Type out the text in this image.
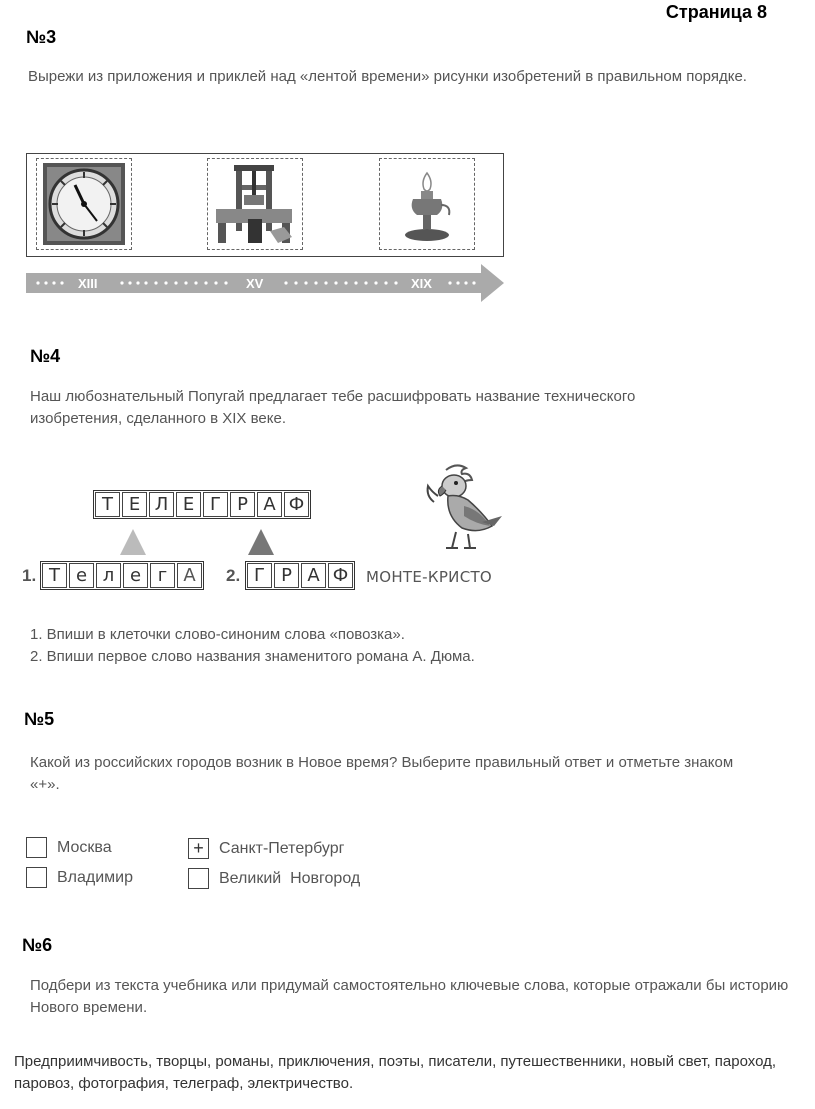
Страница 8
№3
Вырежи из приложения и приклей над «лентой времени» рисунки изобретений в правильном порядке.
XIII	XV	XIX
№4
Наш любознательный Попугай предлагает тебе расшифровать название технического изобретения, сделанного в XIX веке.
Т Е Л Е Г Р А Ф
1. Т е л е г А	2. Г Р А Ф	МОНТЕ-КРИСТО
1. Впиши в клеточки слово-синоним слова «повозка».
2. Впиши первое слово названия знаменитого романа А. Дюма.
№5
Какой из российских городов возник в Новое время? Выберите правильный ответ и отметьте знаком «+».
Москва	+ Санкт-Петербург
Владимир	Великий  Новгород
№6
Подбери из текста учебника или придумай самостоятельно ключевые слова, которые отражали бы историю Нового времени.
Предприимчивость, творцы, романы, приключения, поэты, писатели, путешественники, новый свет, пароход, паровоз, фотография, телеграф, электричество.
